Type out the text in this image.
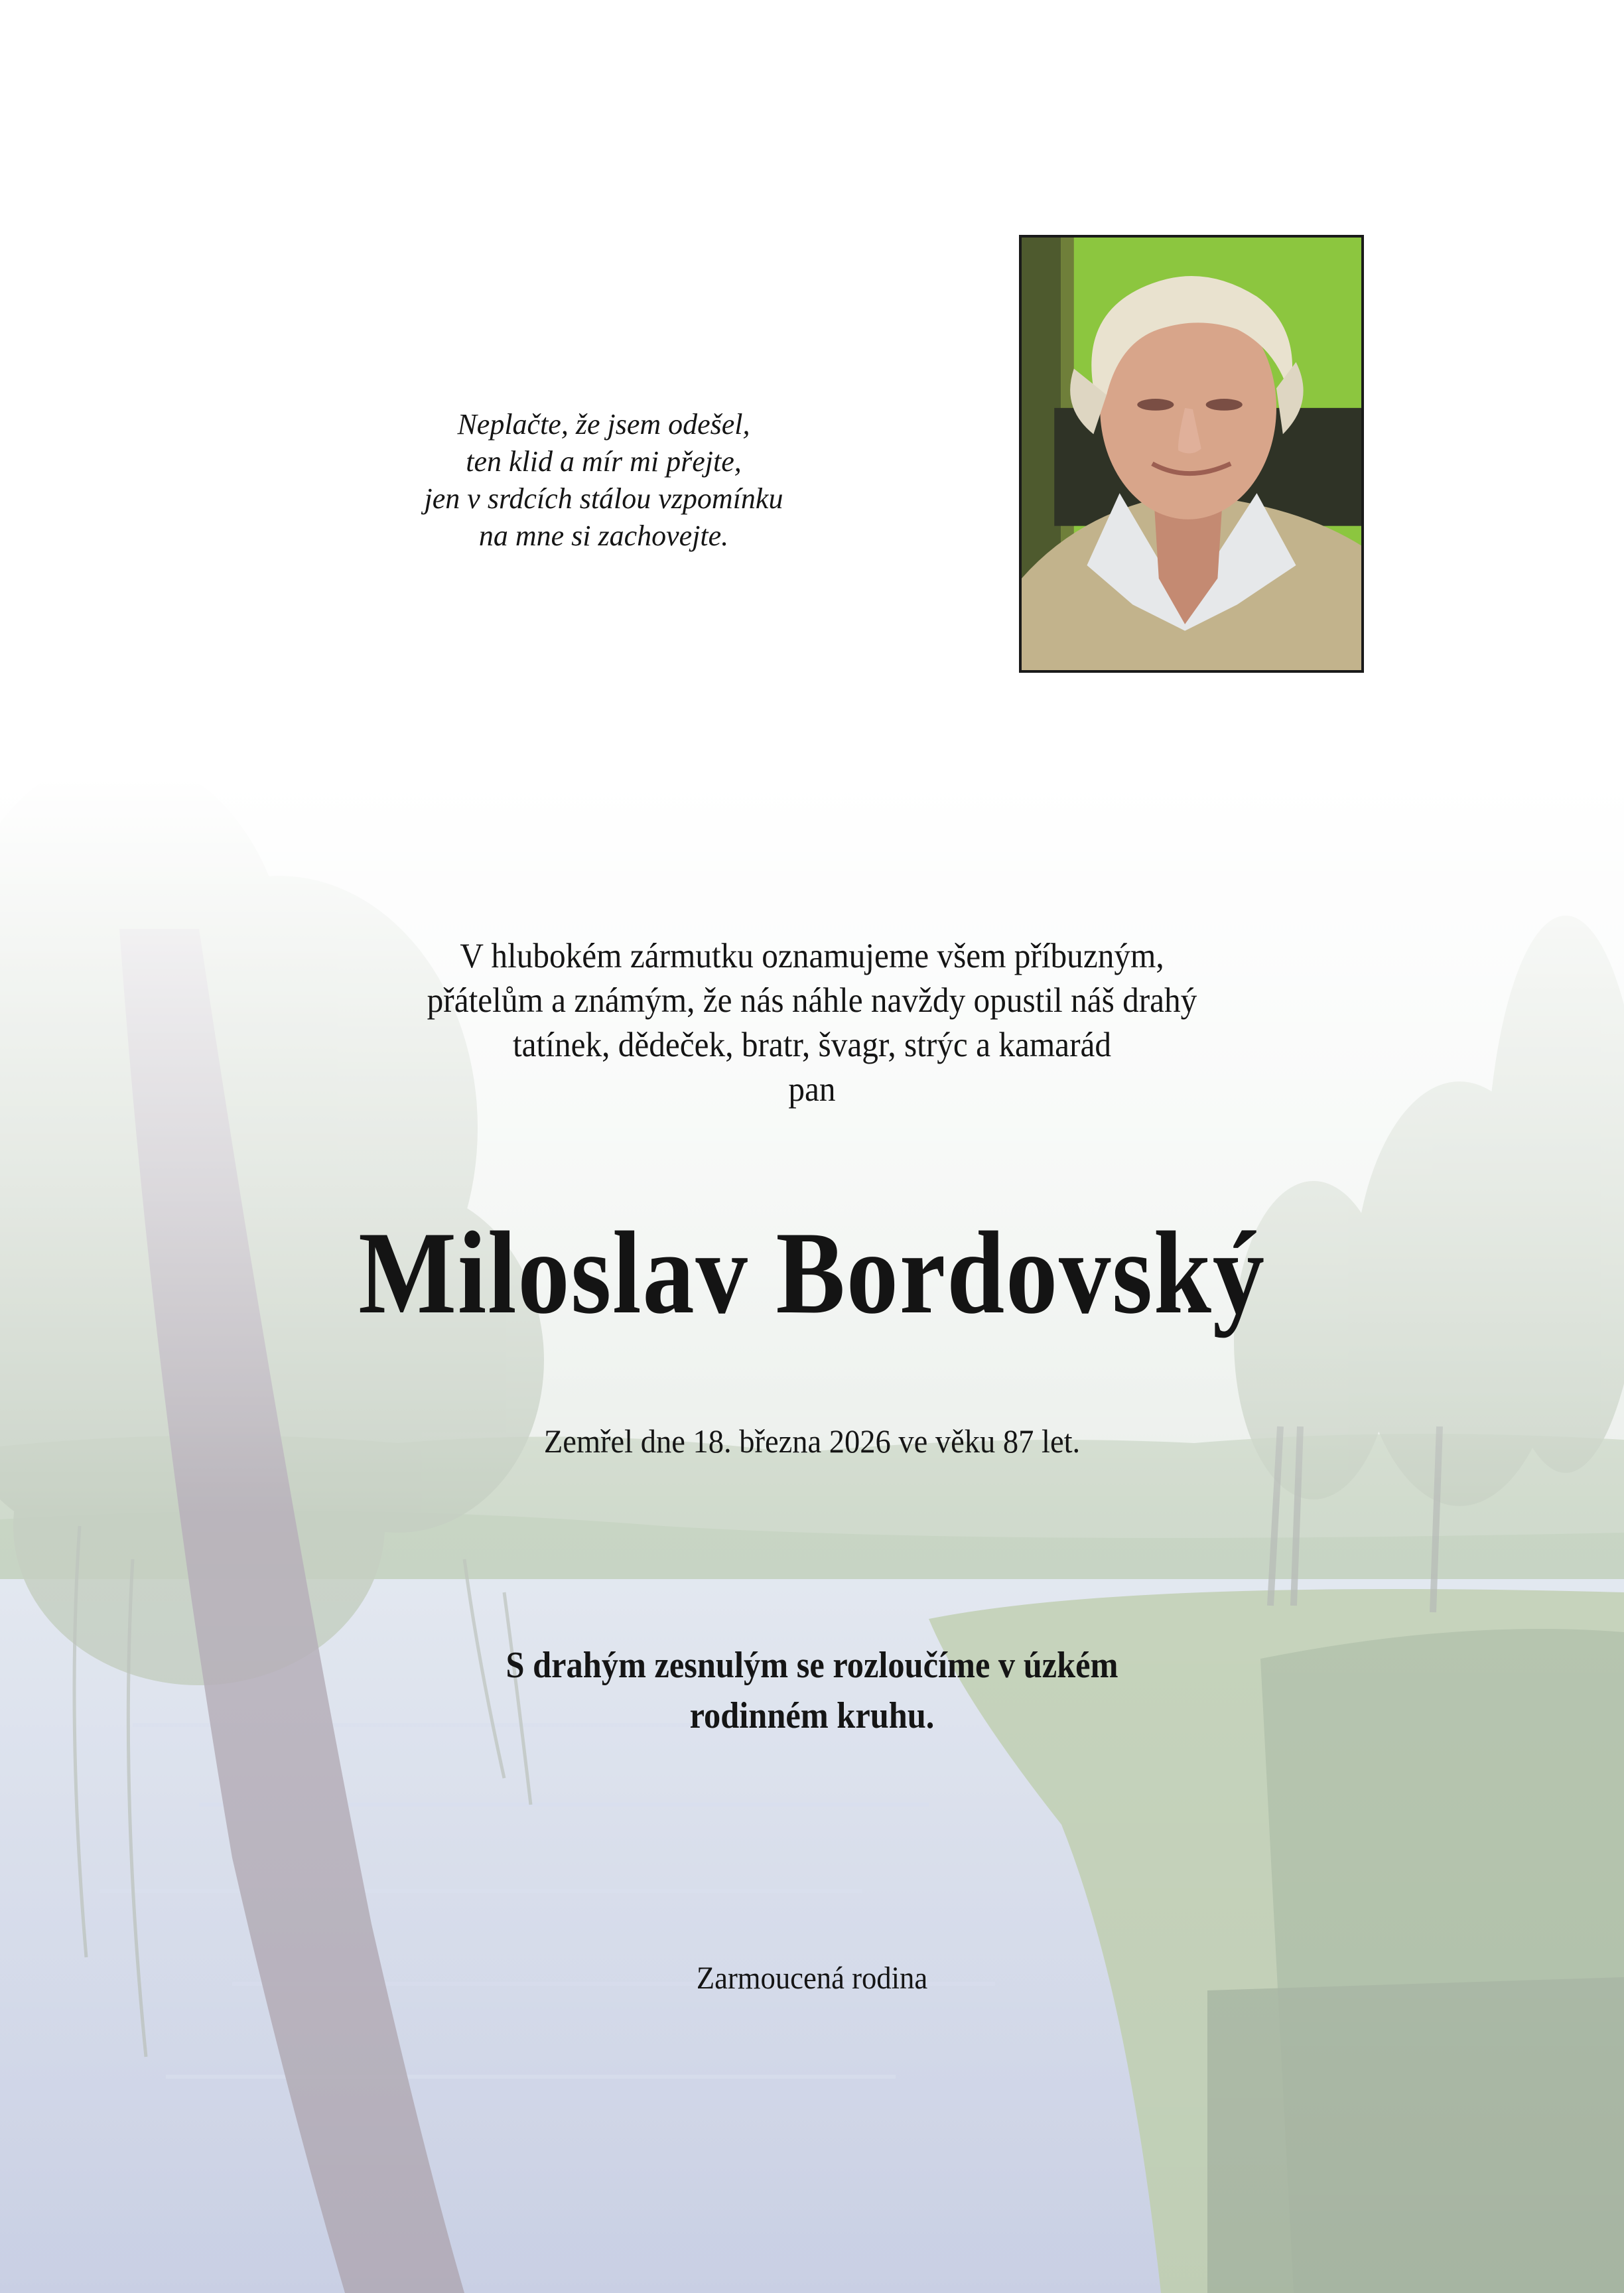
Neplačte, že jsem odešel,
ten klid a mír mi přejte,
jen v srdcích stálou vzpomínku
na mne si zachovejte.
V hlubokém zármutku oznamujeme všem příbuzným,
přátelům a známým, že nás náhle navždy opustil náš drahý
tatínek, dědeček, bratr, švagr, strýc a kamarád
pan
Miloslav Bordovský
Zemřel dne 18. března 2026 ve věku 87 let.
S drahým zesnulým se rozloučíme v úzkém
rodinném kruhu.
Zarmoucená rodina
